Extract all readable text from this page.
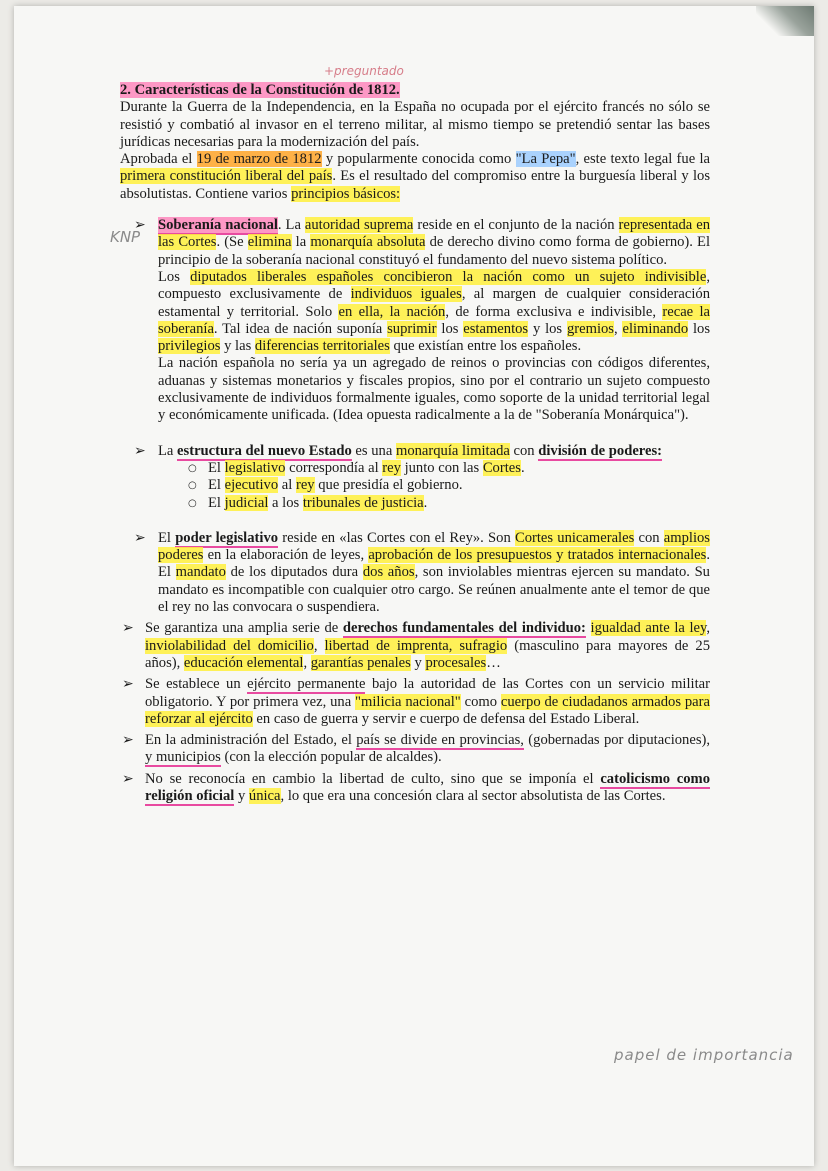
+preguntado
KNP
papel de importancia

2. Características de la Constitución de 1812.

Durante la Guerra de la Independencia, en la España no ocupada por el ejército francés no sólo se resistió y combatió al invasor en el terreno militar, al mismo tiempo se pretendió sentar las bases jurídicas necesarias para la modernización del país.

Aprobada el 19 de marzo de 1812 y popularmente conocida como "La Pepa", este texto legal fue la primera constitución liberal del país. Es el resultado del compromiso entre la burguesía liberal y los absolutistas. Contiene varios principios básicos:

➢ Soberanía nacional. La autoridad suprema reside en el conjunto de la nación representada en las Cortes. (Se elimina la monarquía absoluta de derecho divino como forma de gobierno). El principio de la soberanía nacional constituyó el fundamento del nuevo sistema político.

Los diputados liberales españoles concibieron la nación como un sujeto indivisible, compuesto exclusivamente de individuos iguales, al margen de cualquier consideración estamental y territorial. Solo en ella, la nación, de forma exclusiva e indivisible, recae la soberanía. Tal idea de nación suponía suprimir los estamentos y los gremios, eliminando los privilegios y las diferencias territoriales que existían entre los españoles.

La nación española no sería ya un agregado de reinos o provincias con códigos diferentes, aduanas y sistemas monetarios y fiscales propios, sino por el contrario un sujeto compuesto exclusivamente de individuos formalmente iguales, como soporte de la unidad territorial legal y económicamente unificada. (Idea opuesta radicalmente a la de "Soberanía Monárquica").

➢ La estructura del nuevo Estado es una monarquía limitada con división de poderes:

○ El legislativo correspondía al rey junto con las Cortes.
○ El ejecutivo al rey que presidía el gobierno.
○ El judicial a los tribunales de justicia.
➢ El poder legislativo reside en «las Cortes con el Rey». Son Cortes unicamerales con amplios poderes en la elaboración de leyes, aprobación de los presupuestos y tratados internacionales. El mandato de los diputados dura dos años, son inviolables mientras ejercen su mandato. Su mandato es incompatible con cualquier otro cargo. Se reúnen anualmente ante el temor de que el rey no las convocara o suspendiera.

➢ Se garantiza una amplia serie de derechos fundamentales del individuo: igualdad ante la ley, inviolabilidad del domicilio, libertad de imprenta, sufragio (masculino para mayores de 25 años), educación elemental, garantías penales y procesales…

➢ Se establece un ejército permanente bajo la autoridad de las Cortes con un servicio militar obligatorio. Y por primera vez, una "milicia nacional" como cuerpo de ciudadanos armados para reforzar al ejército en caso de guerra y servir e cuerpo de defensa del Estado Liberal.

➢ En la administración del Estado, el país se divide en provincias, (gobernadas por diputaciones), y municipios (con la elección popular de alcaldes).

➢ No se reconocía en cambio la libertad de culto, sino que se imponía el catolicismo como religión oficial y única, lo que era una concesión clara al sector absolutista de las Cortes.
